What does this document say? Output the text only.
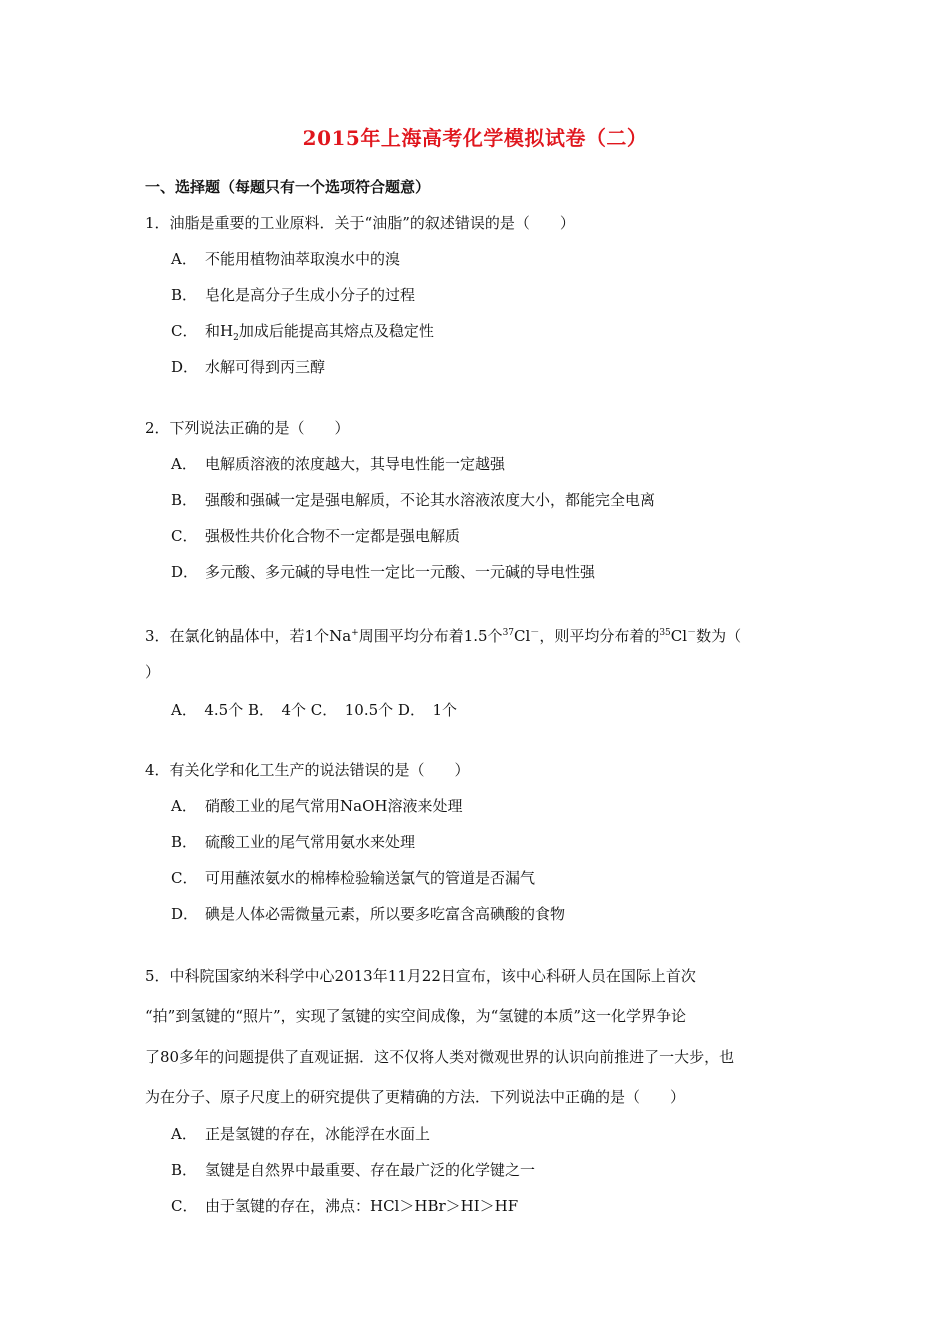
2015年上海高考化学模拟试卷（二）
一、选择题（每题只有一个选项符合题意）
1．油脂是重要的工业原料．关于“油脂”的叙述错误的是（　　）
A． 不能用植物油萃取溴水中的溴
B． 皂化是高分子生成小分子的过程
C． 和$H_2$加成后能提高其熔点及稳定性
D． 水解可得到丙三醇
2．下列说法正确的是（　　）
A． 电解质溶液的浓度越大，其导电性能一定越强
B． 强酸和强碱一定是强电解质，不论其水溶液浓度大小，都能完全电离
C． 强极性共价化合物不一定都是强电解质
D． 多元酸、多元碱的导电性一定比一元酸、一元碱的导电性强
3．在氯化钠晶体中，若1个Na+周围平均分布着1.5个$^{37}$Cl－，则平均分布着的$^{35}$Cl－数为（
）
A．　4.5个 B．　4个 C．　10.5个 D．　1个
4．有关化学和化工生产的说法错误的是（　　）
A． 硝酸工业的尾气常用NaOH溶液来处理
B． 硫酸工业的尾气常用氨水来处理
C． 可用蘸浓氨水的棉棒检验输送氯气的管道是否漏气
D． 碘是人体必需微量元素，所以要多吃富含高碘酸的食物
5．中科院国家纳米科学中心2013年11月22日宣布，该中心科研人员在国际上首次
“拍”到氢键的“照片”，实现了氢键的实空间成像，为“氢键的本质”这一化学界争论
了80多年的问题提供了直观证据．这不仅将人类对微观世界的认识向前推进了一大步，也
为在分子、原子尺度上的研究提供了更精确的方法．下列说法中正确的是（　　）
A． 正是氢键的存在，冰能浮在水面上
B． 氢键是自然界中最重要、存在最广泛的化学键之一
C． 由于氢键的存在，沸点：HCl＞HBr＞HI＞HF
